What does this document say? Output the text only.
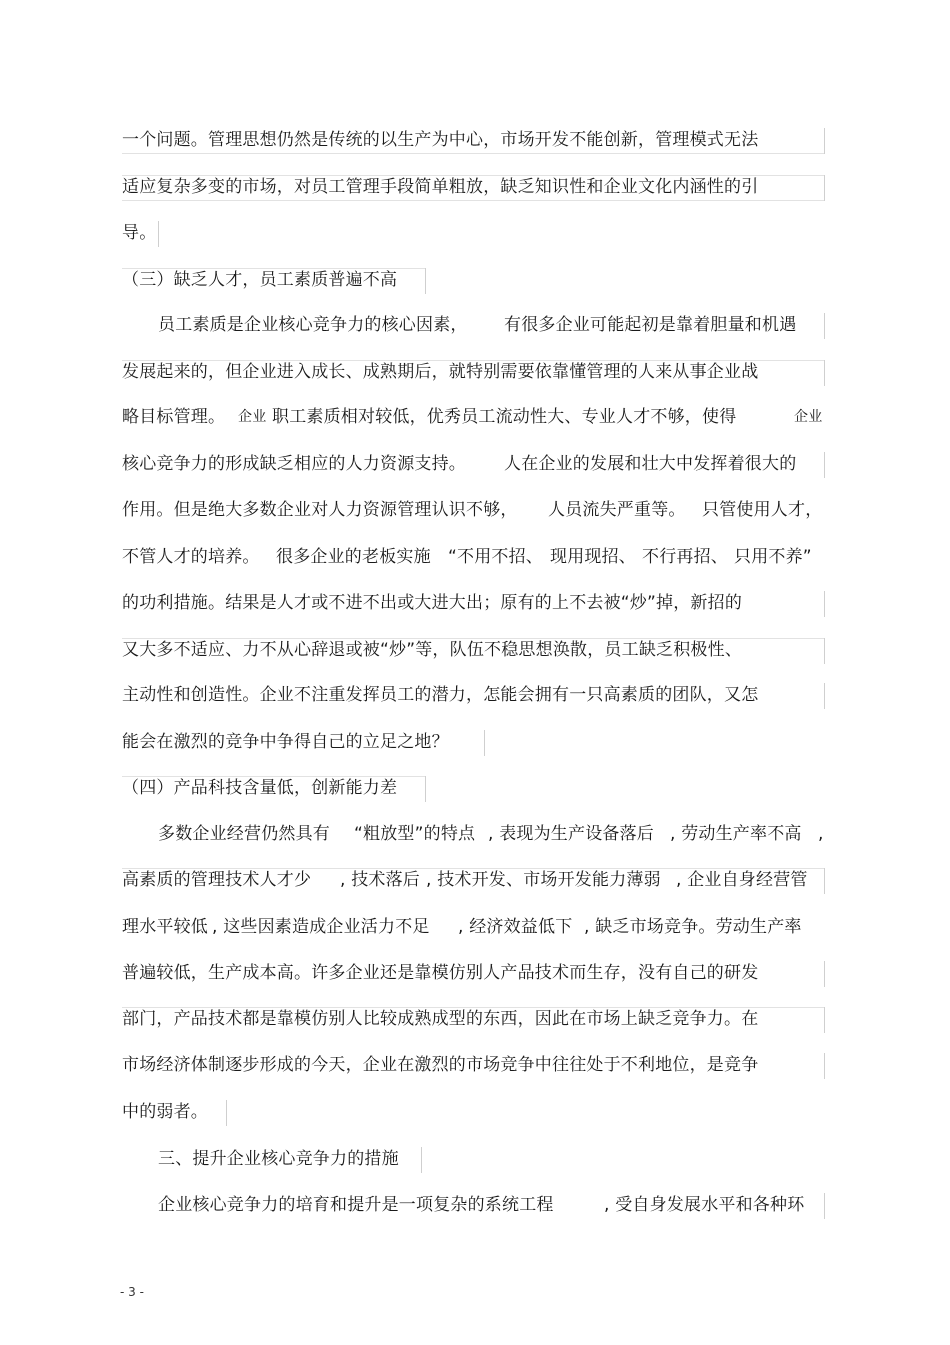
一个问题。管理思想仍然是传统的以生产为中心，市场开发不能创新，管理模式无法
适应复杂多变的市场，对员工管理手段简单粗放，缺乏知识性和企业文化内涵性的引
导。
（三）缺乏人才，员工素质普遍不高
员工素质是企业核心竞争力的核心因素， 有很多企业可能起初是靠着胆量和机遇
发展起来的，但企业进入成长、成熟期后，就特别需要依靠懂管理的人来从事企业战
略目标管理。 企业 职工素质相对较低，优秀员工流动性大、专业人才不够，使得	企业
核心竞争力的形成缺乏相应的人力资源支持。 人在企业的发展和壮大中发挥着很大的
作用。但是绝大多数企业对人力资源管理认识不够， 人员流失严重等。 只管使用人才，
不管人才的培养。 很多企业的老板实施 “不用不招、 现用现招、 不行再招、 只用不养”
的功利措施。结果是人才或不进不出或大进大出；原有的上不去被“炒”掉，新招的
又大多不适应、力不从心辞退或被“炒”等，队伍不稳思想涣散，员工缺乏积极性、
主动性和创造性。企业不注重发挥员工的潜力，怎能会拥有一只高素质的团队，又怎
能会在激烈的竞争中争得自己的立足之地？
（四）产品科技含量低，创新能力差
多数企业经营仍然具有 “粗放型”的特点 , 表现为生产设备落后 , 劳动生产率不高 ,
高素质的管理技术人才少 , 技术落后 , 技术开发、市场开发能力薄弱 , 企业自身经营管
理水平较低 , 这些因素造成企业活力不足 , 经济效益低下 , 缺乏市场竞争。劳动生产率
普遍较低，生产成本高。许多企业还是靠模仿别人产品技术而生存，没有自己的研发
部门，产品技术都是靠模仿别人比较成熟成型的东西，因此在市场上缺乏竞争力。在
市场经济体制逐步形成的今天，企业在激烈的市场竞争中往往处于不利地位，是竞争
中的弱者。
三、提升企业核心竞争力的措施
企业核心竞争力的培育和提升是一项复杂的系统工程	, 受自身发展水平和各种环
- 3 -
